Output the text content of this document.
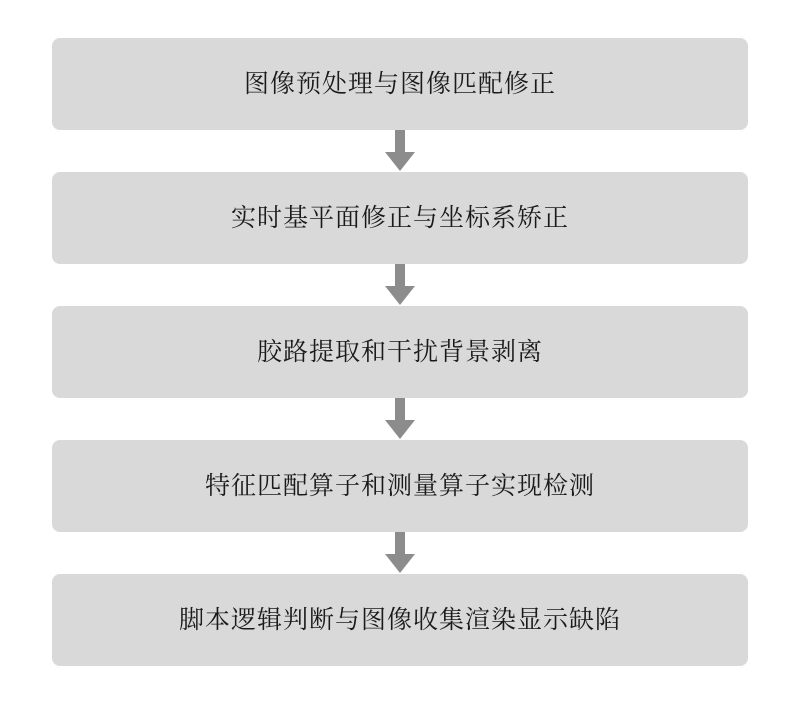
图像预处理与图像匹配修正
实时基平面修正与坐标系矫正
胶路提取和干扰背景剥离
特征匹配算子和测量算子实现检测
脚本逻辑判断与图像收集渲染显示缺陷
